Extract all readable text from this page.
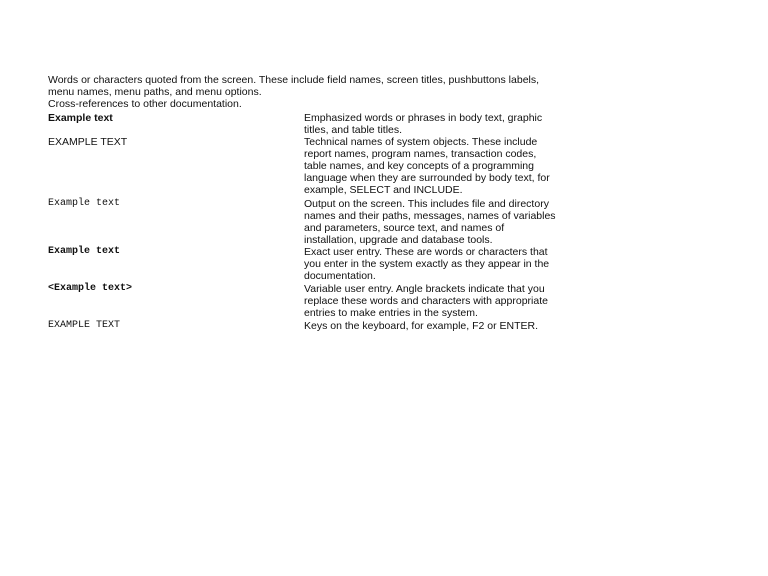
Words or characters quoted from the screen. These include field names, screen titles, pushbuttons labels, menu names, menu paths, and menu options.

Cross-references to other documentation.

Example text	Emphasized words or phrases in body text, graphic titles, and table titles.
EXAMPLE TEXT	Technical names of system objects. These include report names, program names, transaction codes, table names, and key concepts of a programming language when they are surrounded by body text, for example, SELECT and INCLUDE.
Example text	Output on the screen. This includes file and directory names and their paths, messages, names of variables and parameters, source text, and names of installation, upgrade and database tools.
Example text	Exact user entry. These are words or characters that you enter in the system exactly as they appear in the documentation.
<Example text>	Variable user entry. Angle brackets indicate that you replace these words and characters with appropriate entries to make entries in the system.
EXAMPLE TEXT	Keys on the keyboard, for example, F2 or ENTER.
